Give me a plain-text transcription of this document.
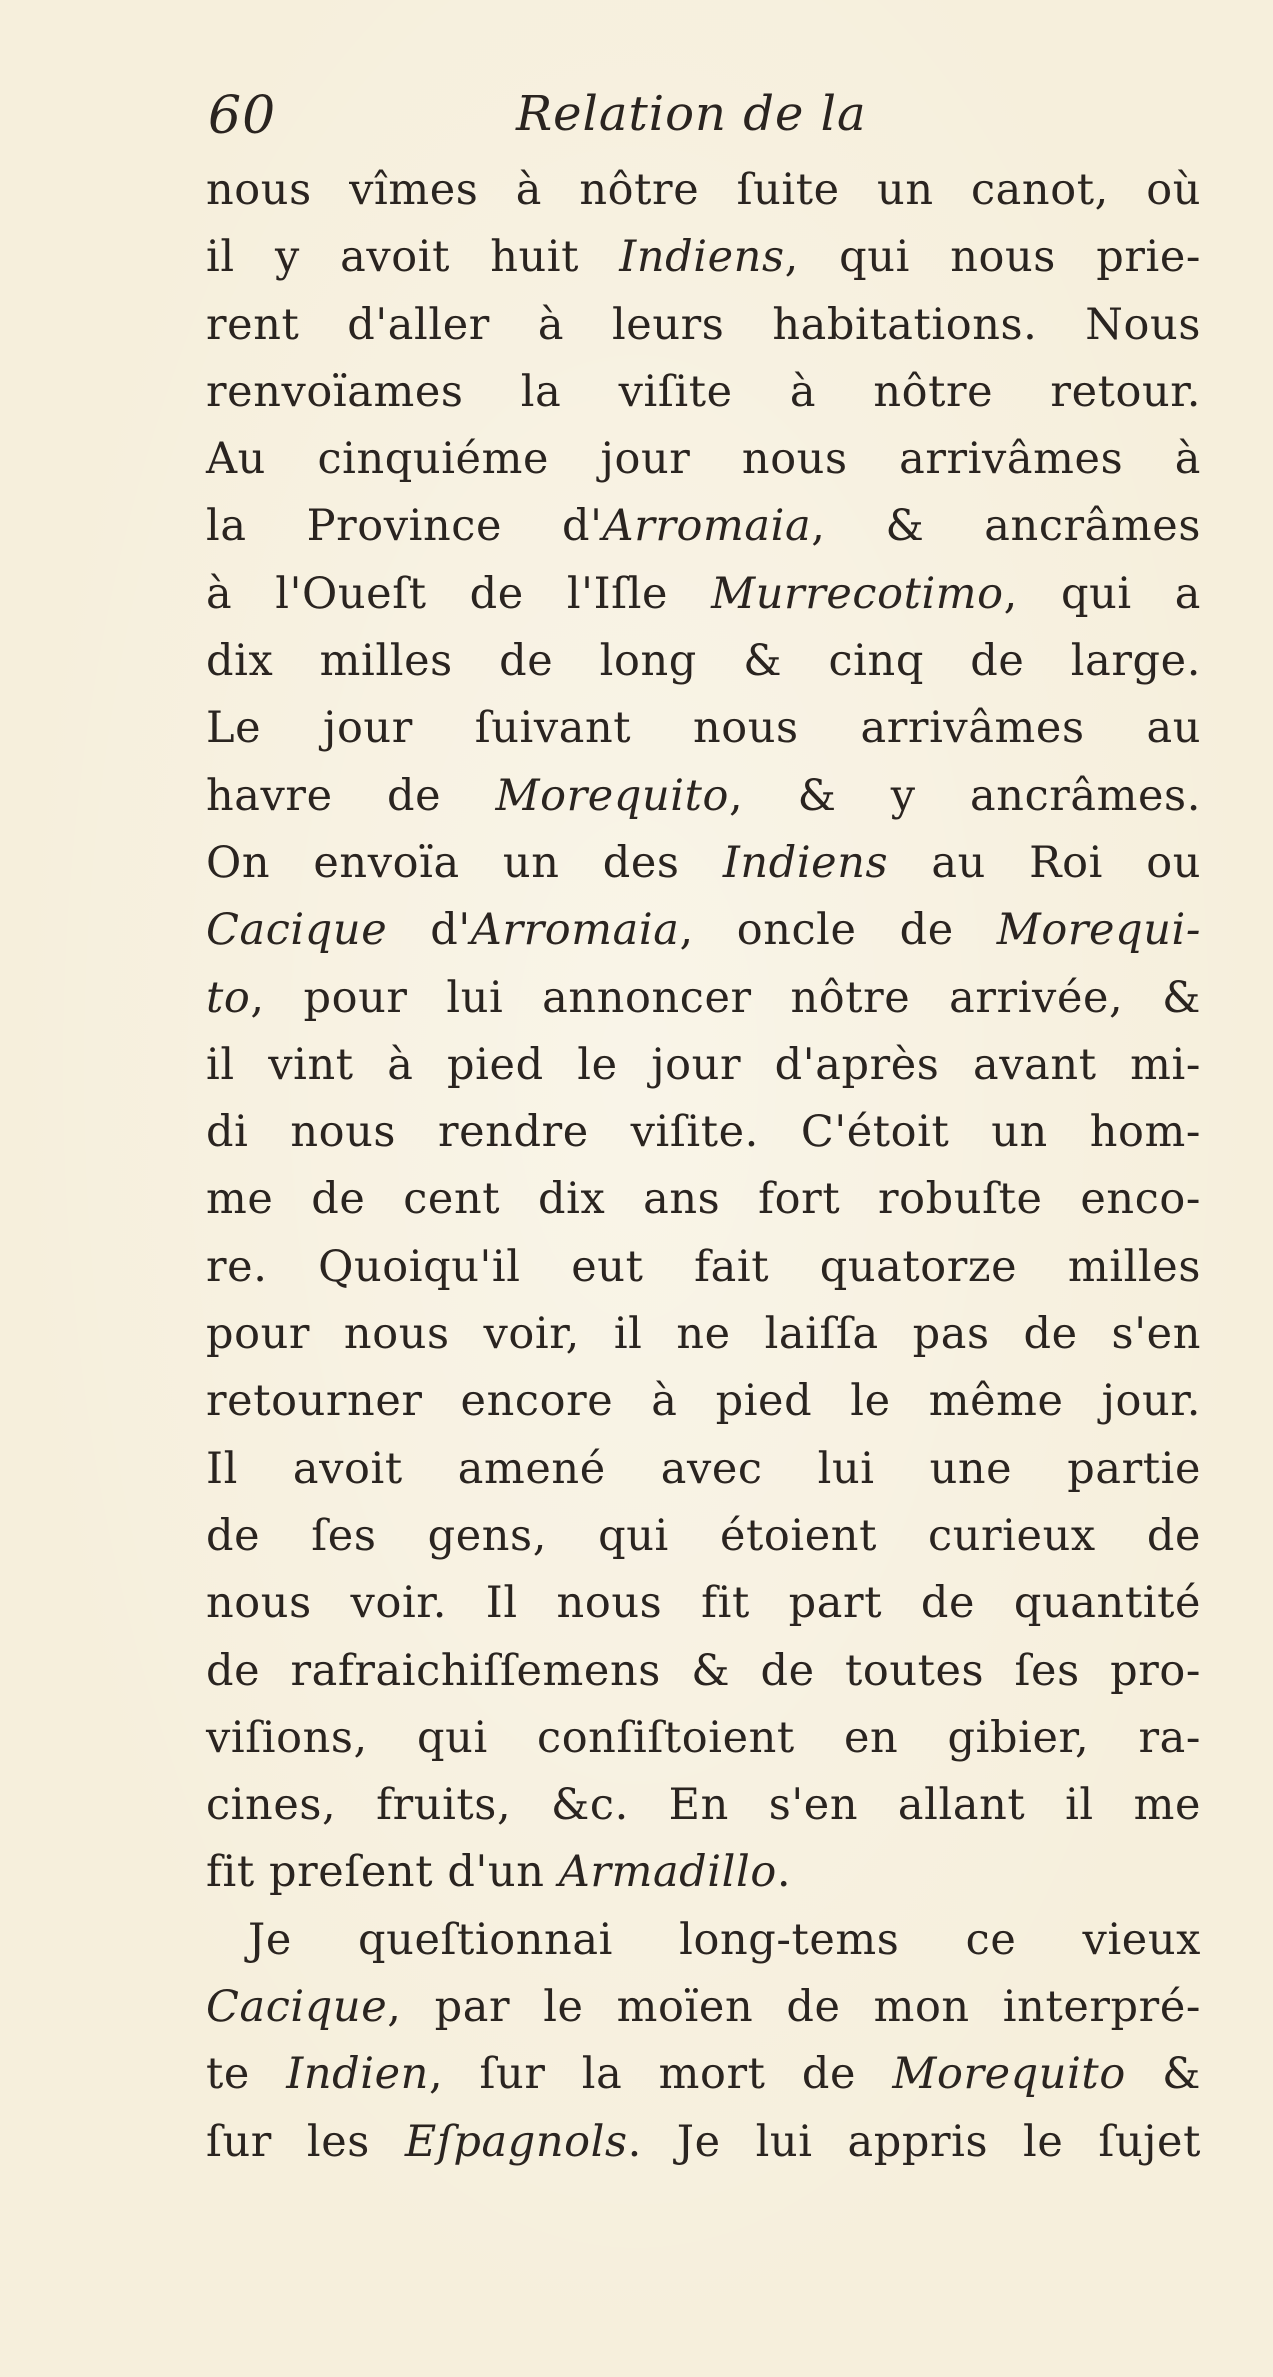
60	Relation de la
nous vîmes à nôtre ſuite un canot, où
il y avoit huit Indiens, qui nous prie-
rent d'aller à leurs habitations. Nous
renvoïames la viſite à nôtre retour.
Au cinquiéme jour nous arrivâmes à
la Province d'Arromaia, & ancrâmes
à l'Oueſt de l'Iſle Murrecotimo, qui a
dix milles de long & cinq de large.
Le jour ſuivant nous arrivâmes au
havre de Morequito, & y ancrâmes.
On envoïa un des Indiens au Roi ou
Cacique d'Arromaia, oncle de Morequi-
to, pour lui annoncer nôtre arrivée, &
il vint à pied le jour d'après avant mi-
di nous rendre viſite. C'étoit un hom-
me de cent dix ans fort robuſte enco-
re. Quoiqu'il eut fait quatorze milles
pour nous voir, il ne laiſſa pas de s'en
retourner encore à pied le même jour.
Il avoit amené avec lui une partie
de ſes gens, qui étoient curieux de
nous voir. Il nous fit part de quantité
de rafraichiſſemens & de toutes ſes pro-
viſions, qui conſiſtoient en gibier, ra-
cines, fruits, &c. En s'en allant il me
fit preſent d'un Armadillo.
Je queſtionnai long-tems ce vieux
Cacique, par le moïen de mon interpré-
te Indien, ſur la mort de Morequito &
ſur les Eſpagnols. Je lui appris le ſujet
